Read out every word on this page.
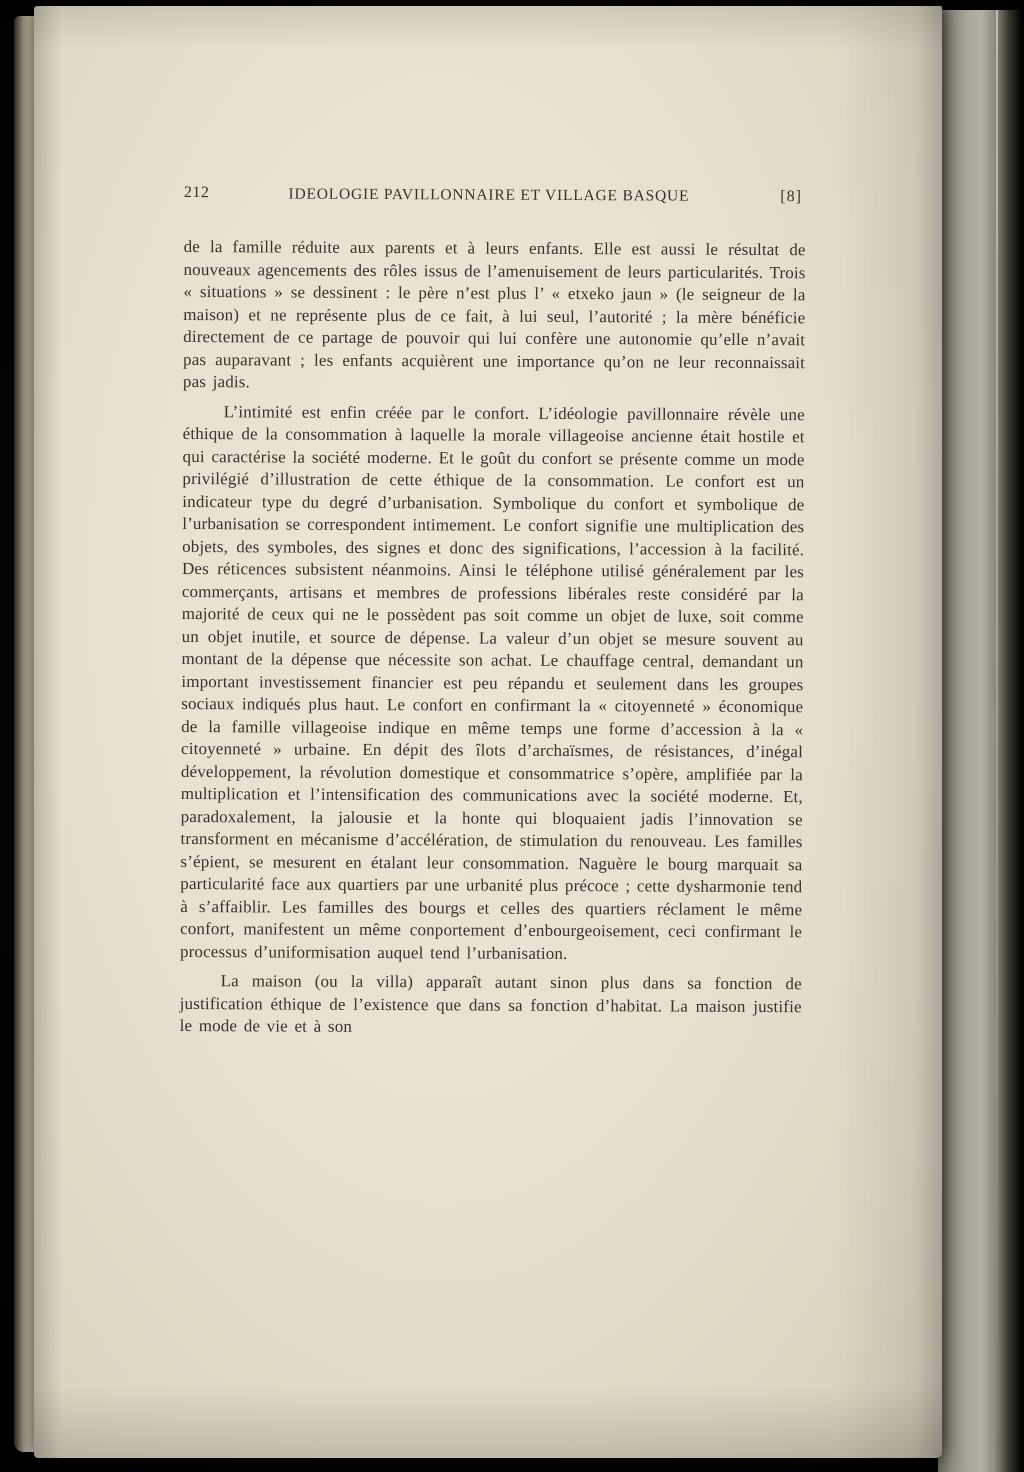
212	IDEOLOGIE PAVILLONNAIRE ET VILLAGE BASQUE	[8]

de la famille réduite aux parents et à leurs enfants. Elle est aussi le résultat de nouveaux agencements des rôles issus de l’amenuisement de leurs particularités. Trois « situations » se dessinent : le père n’est plus l’ « etxeko jaun » (le seigneur de la maison) et ne représente plus de ce fait, à lui seul, l’autorité ; la mère bénéficie directement de ce partage de pouvoir qui lui confère une autonomie qu’elle n’avait pas auparavant ; les enfants acquièrent une importance qu’on ne leur reconnaissait pas jadis.

L’intimité est enfin créée par le confort. L’idéologie pavillonnaire révèle une éthique de la consommation à laquelle la morale villageoise ancienne était hostile et qui caractérise la société moderne. Et le goût du confort se présente comme un mode privilégié d’illustration de cette éthique de la consommation. Le confort est un indicateur type du degré d’urbanisation. Symbolique du confort et symbolique de l’urbanisation se correspondent intimement. Le confort signifie une multiplication des objets, des symboles, des signes et donc des significations, l’accession à la facilité. Des réticences subsistent néanmoins. Ainsi le téléphone utilisé généralement par les commerçants, artisans et membres de professions libérales reste considéré par la majorité de ceux qui ne le possèdent pas soit comme un objet de luxe, soit comme un objet inutile, et source de dépense. La valeur d’un objet se mesure souvent au montant de la dépense que nécessite son achat. Le chauffage central, demandant un important investissement financier est peu répandu et seulement dans les groupes sociaux indiqués plus haut. Le confort en confirmant la « citoyenneté » économique de la famille villageoise indique en même temps une forme d’accession à la « citoyenneté » urbaine. En dépit des îlots d’archaïsmes, de résistances, d’inégal développement, la révolution domestique et consommatrice s’opère, amplifiée par la multiplication et l’intensification des communications avec la société moderne. Et, paradoxalement, la jalousie et la honte qui bloquaient jadis l’innovation se transforment en mécanisme d’accélération, de stimulation du renouveau. Les familles s’épient, se mesurent en étalant leur consommation. Naguère le bourg marquait sa particularité face aux quartiers par une urbanité plus précoce ; cette dysharmonie tend à s’affaiblir. Les familles des bourgs et celles des quartiers réclament le même confort, manifestent un même conportement d’enbourgeoisement, ceci confirmant le processus d’uniformisation auquel tend l’urbanisation.

La maison (ou la villa) apparaît autant sinon plus dans sa fonction de justification éthique de l’existence que dans sa fonction d’habitat. La maison justifie le mode de vie et à son
